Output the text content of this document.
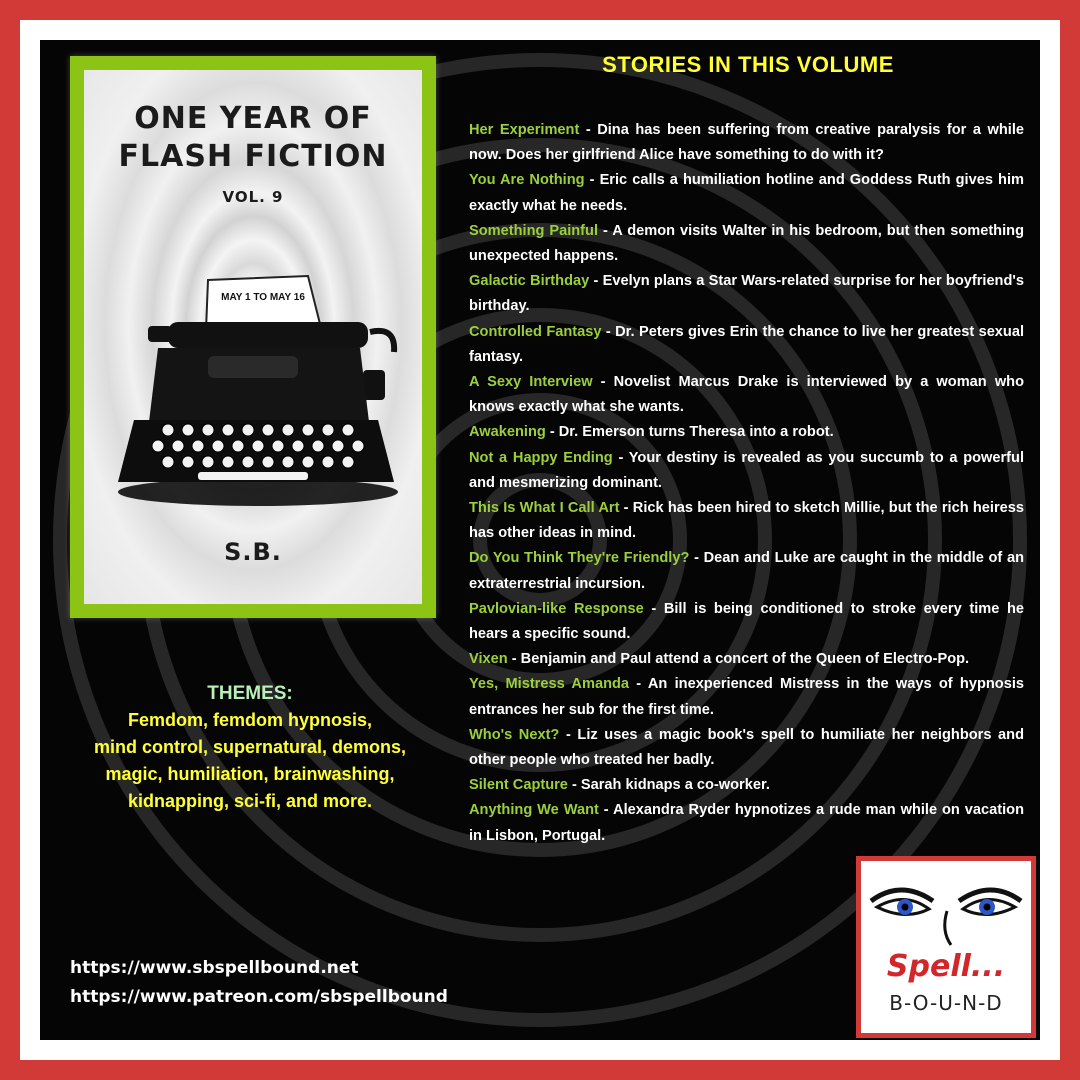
ONE YEAR OF
FLASH FICTION
VOL. 9
MAY 1 TO MAY 16
S.B.
THEMES:
Femdom, femdom hypnosis,
mind control, supernatural, demons,
magic, humiliation, brainwashing,
kidnapping, sci-fi, and more.
https://www.sbspellbound.net
https://www.patreon.com/sbspellbound
STORIES IN THIS VOLUME

Her Experiment - Dina has been suffering from creative paralysis for a while now. Does her girlfriend Alice have something to do with it?

You Are Nothing - Eric calls a humiliation hotline and Goddess Ruth gives him exactly what he needs.

Something Painful - A demon visits Walter in his bedroom, but then something unexpected happens.

Galactic Birthday - Evelyn plans a Star Wars-related surprise for her boyfriend's birthday.

Controlled Fantasy - Dr. Peters gives Erin the chance to live her greatest sexual fantasy.

A Sexy Interview - Novelist Marcus Drake is interviewed by a woman who knows exactly what she wants.

Awakening - Dr. Emerson turns Theresa into a robot.

Not a Happy Ending - Your destiny is revealed as you succumb to a powerful and mesmerizing dominant.

This Is What I Call Art - Rick has been hired to sketch Millie, but the rich heiress has other ideas in mind.

Do You Think They're Friendly? - Dean and Luke are caught in the middle of an extraterrestrial incursion.

Pavlovian-like Response - Bill is being conditioned to stroke every time he hears a specific sound.

Vixen - Benjamin and Paul attend a concert of the Queen of Electro-Pop.

Yes, Mistress Amanda - An inexperienced Mistress in the ways of hypnosis entrances her sub for the first time.

Who's Next? - Liz uses a magic book's spell to humiliate her neighbors and other people who treated her badly.

Silent Capture - Sarah kidnaps a co-worker.

Anything We Want - Alexandra Ryder hypnotizes a rude man while on vacation in Lisbon, Portugal.

Spell...
B-O-U-N-D
